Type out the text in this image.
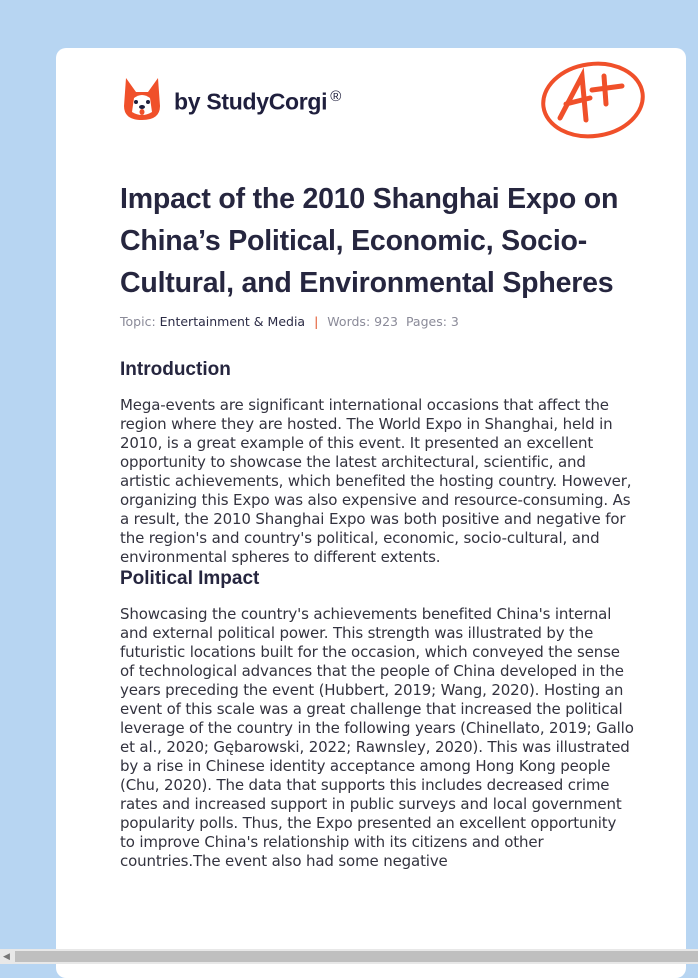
by StudyCorgi ®
Impact of the 2010 Shanghai Expo on China’s Political, Economic, Socio-Cultural, and Environmental Spheres
Topic: Entertainment & Media | Words: 923 Pages: 3
Introduction

Mega-events are significant international occasions that affect the region where they are hosted. The World Expo in Shanghai, held in 2010, is a great example of this event. It presented an excellent opportunity to showcase the latest architectural, scientific, and artistic achievements, which benefited the hosting country. However, organizing this Expo was also expensive and resource-consuming. As a result, the 2010 Shanghai Expo was both positive and negative for the region's and country's political, economic, socio-cultural, and environmental spheres to different extents.

Political Impact

Showcasing the country's achievements benefited China's internal and external political power. This strength was illustrated by the futuristic locations built for the occasion, which conveyed the sense of technological advances that the people of China developed in the years preceding the event (Hubbert, 2019; Wang, 2020). Hosting an event of this scale was a great challenge that increased the political leverage of the country in the following years (Chinellato, 2019; Gallo et al., 2020; Gębarowski, 2022; Rawnsley, 2020). This was illustrated by a rise in Chinese identity acceptance among Hong Kong people (Chu, 2020). The data that supports this includes decreased crime rates and increased support in public surveys and local government popularity polls. Thus, the Expo presented an excellent opportunity to improve China's relationship with its citizens and other countries.The event also had some negative

◀
